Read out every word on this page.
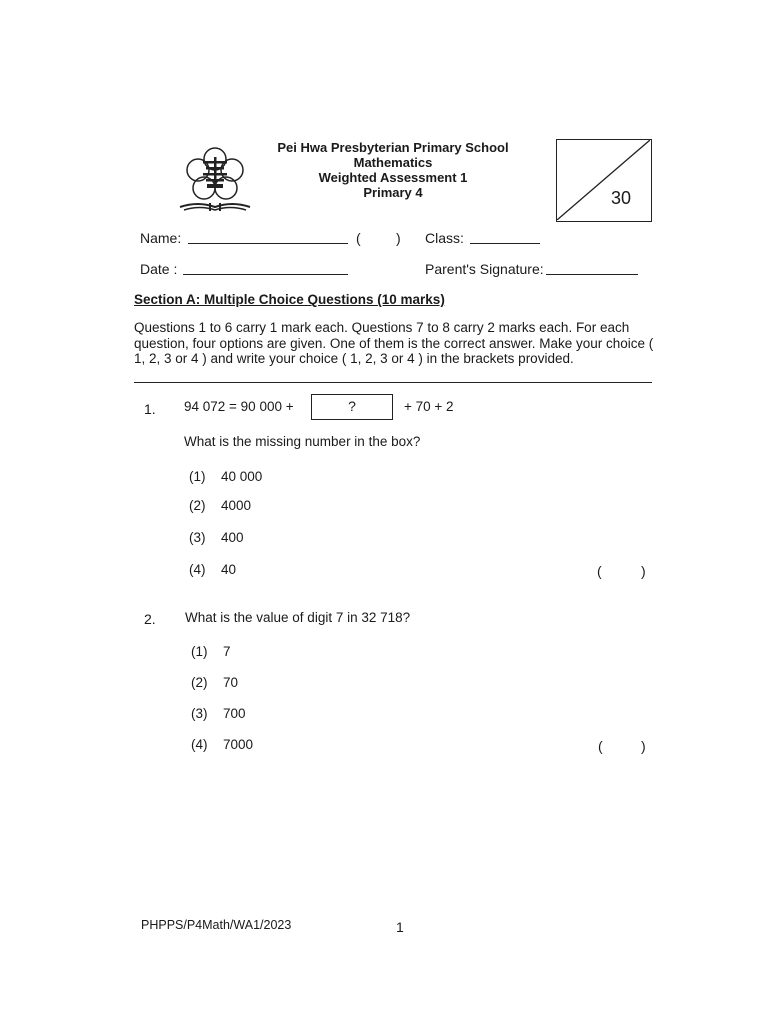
Pei Hwa Presbyterian Primary School
Mathematics
Weighted Assessment 1
Primary 4	30
Name:	(	) Class:
Date :	Parent's Signature:
Section A: Multiple Choice Questions (10 marks)
Questions 1 to 6 carry 1 mark each. Questions 7 to 8 carry 2 marks each. For each question, four options are given. One of them is the correct answer. Make your choice ( 1, 2, 3 or 4 ) and write your choice ( 1, 2, 3 or 4 ) in the brackets provided.
1. 94 072 = 90 000 +	?	+ 70 + 2
What is the missing number in the box?
(1) 40 000
(2) 4000
(3) 400
(4) 40	(	)
2. What is the value of digit 7 in 32 718?
(1) 7
(2) 70
(3) 700
(4) 7000	(	)
PHPPS/P4Math/WA1/2023	1
